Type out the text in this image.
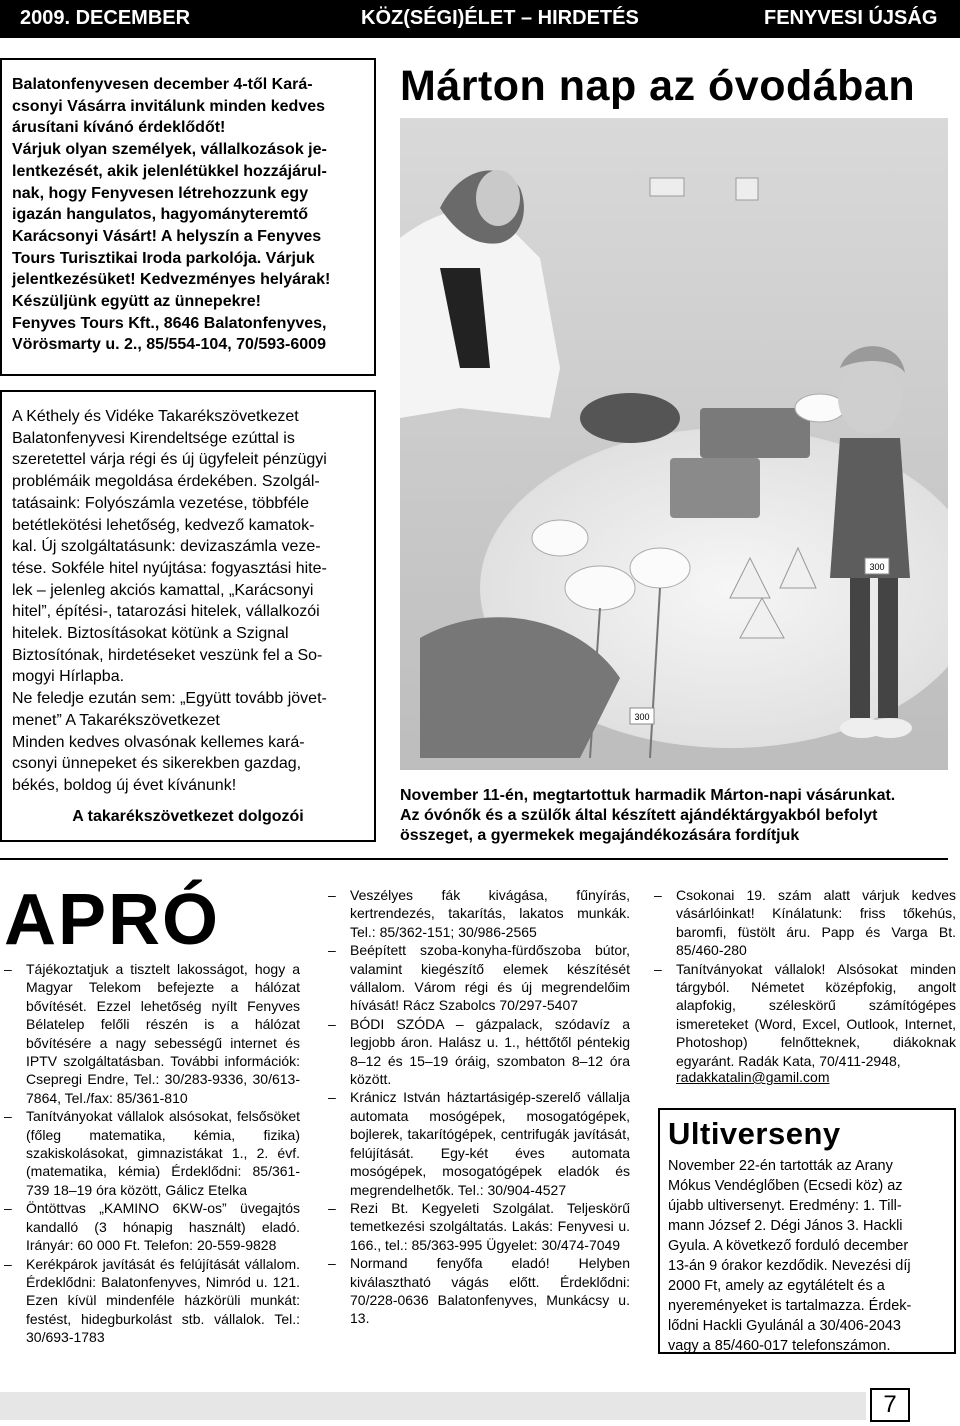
2009. DECEMBER	KÖZ(SÉGI)ÉLET – HIRDETÉS	FENYVESI ÚJSÁG
Balatonfenyvesen december 4-től Kará-
csonyi Vásárra invitálunk minden kedves
árusítani kívánó érdeklődőt!
Várjuk olyan személyek, vállalkozások je-
lentkezését, akik jelenlétükkel hozzájárul-
nak, hogy Fenyvesen létrehozzunk egy
igazán hangulatos, hagyományteremtő
Karácsonyi Vásárt! A helyszín a Fenyves
Tours Turisztikai Iroda parkolója. Várjuk
jelentkezésüket! Kedvezményes helyárak!
Készüljünk együtt az ünnepekre!
Fenyves Tours Kft., 8646 Balatonfenyves,
Vörösmarty u. 2., 85/554-104, 70/593-6009
A Kéthely és Vidéke Takarékszövetkezet
Balatonfenyvesi Kirendeltsége ezúttal is
szeretettel várja régi és új ügyfeleit pénzügyi
problémáik megoldása érdekében. Szolgál-
tatásaink: Folyószámla vezetése, többféle
betétlekötési lehetőség, kedvező kamatok-
kal. Új szolgáltatásunk: devizaszámla veze-
tése. Sokféle hitel nyújtása: fogyasztási hite-
lek – jelenleg akciós kamattal, „Karácsonyi
hitel”, építési-, tatarozási hitelek, vállalkozói
hitelek. Biztosításokat kötünk a Szignal
Biztosítónak, hirdetéseket veszünk fel a So-
mogyi Hírlapba.
Ne feledje ezután sem: „Együtt tovább jövet-
menet” A Takarékszövetkezet
Minden kedves olvasónak kellemes kará-
csonyi ünnepeket és sikerekben gazdag,
békés, boldog új évet kívánunk!
A takarékszövetkezet dolgozói
Márton nap az óvodában
300
300
November 11-én, megtartottuk harmadik Márton-napi vásárunkat.
Az óvónők és a szülők által készített ajándéktárgyakból befolyt
összeget, a gyermekek megajándékozására fordítjuk
APRÓ

– Tájékoztatjuk a tisztelt lakosságot, hogy a Magyar Telekom befejezte a hálózat bővítését. Ezzel lehetőség nyílt Fenyves Bélatelep felőli részén is a hálózat bővítésére a nagy sebességű internet és IPTV szolgáltatásban. További információk: Csepregi Endre, Tel.: 30/283-9336, 30/613-7864, Tel./fax: 85/361-810

– Tanítványokat vállalok alsósokat, felsősöket (főleg matematika, kémia, fizika) szakiskolásokat, gimnazistákat 1., 2. évf. (matematika, kémia) Érdeklődni: 85/361-739 18–19 óra között, Gálicz Etelka

– Öntöttvas „KAMINO 6KW-os” üvegajtós kandalló (3 hónapig használt) eladó. Irányár: 60 000 Ft. Telefon: 20-559-9828

– Kerékpárok javítását és felújítását vállalom. Érdeklődni: Balatonfenyves, Nimród u. 121. Ezen kívül mindenféle házkörüli munkát: festést, hidegburkolást stb. vállalok. Tel.: 30/693-1783

– Veszélyes fák kivágása, fűnyírás, kertrendezés, takarítás, lakatos munkák. Tel.: 85/362-151; 30/986-2565

– Beépített szoba-konyha-fürdőszoba bútor, valamint kiegészítő elemek készítését vállalom. Várom régi és új megrendelőim hívását! Rácz Szabolcs 70/297-5407

– BÓDI SZÓDA – gázpalack, szódavíz a legjobb áron. Halász u. 1., héttőtől péntekig 8–12 és 15–19 óráig, szombaton 8–12 óra között.

– Kránicz István háztartásigép-szerelő vállalja automata mosógépek, mosogatógépek, bojlerek, takarítógépek, centrifugák javítását, felújítását. Egy-két éves automata mosógépek, mosogatógépek eladók és megrendelhetők. Tel.: 30/904-4527

– Rezi Bt. Kegyeleti Szolgálat. Teljeskörű temetkezési szolgáltatás. Lakás: Fenyvesi u. 166., tel.: 85/363-995 Ügyelet: 30/474-7049

– Normand fenyőfa eladó! Helyben kiválasztható vágás előtt. Érdeklődni: 70/228-0636 Balatonfenyves, Munkácsy u. 13.

– Csokonai 19. szám alatt várjuk kedves vásárlóinkat! Kínálatunk: friss tőkehús, baromfi, füstölt áru. Papp és Varga Bt. 85/460-280

– Tanítványokat vállalok! Alsósokat minden tárgyból. Németet középfokig, angolt alapfokig, széleskörű számítógépes ismereteket (Word, Excel, Outlook, Internet, Photoshop) felnőtteknek, diákoknak egyaránt. Radák Kata, 70/411-2948,

radakkatalin@gamil.com
Ultiverseny
November 22-én tartották az Arany
Mókus Vendéglőben (Ecsedi köz) az
újabb ultiversenyt. Eredmény: 1. Till-
mann József 2. Dégi János 3. Hackli
Gyula. A következő forduló december
13-án 9 órakor kezdődik. Nevezési díj
2000 Ft, amely az egytálételt és a
nyereményeket is tartalmazza. Érdek-
lődni Hackli Gyulánál a 30/406-2043
vagy a 85/460-017 telefonszámon.
7
